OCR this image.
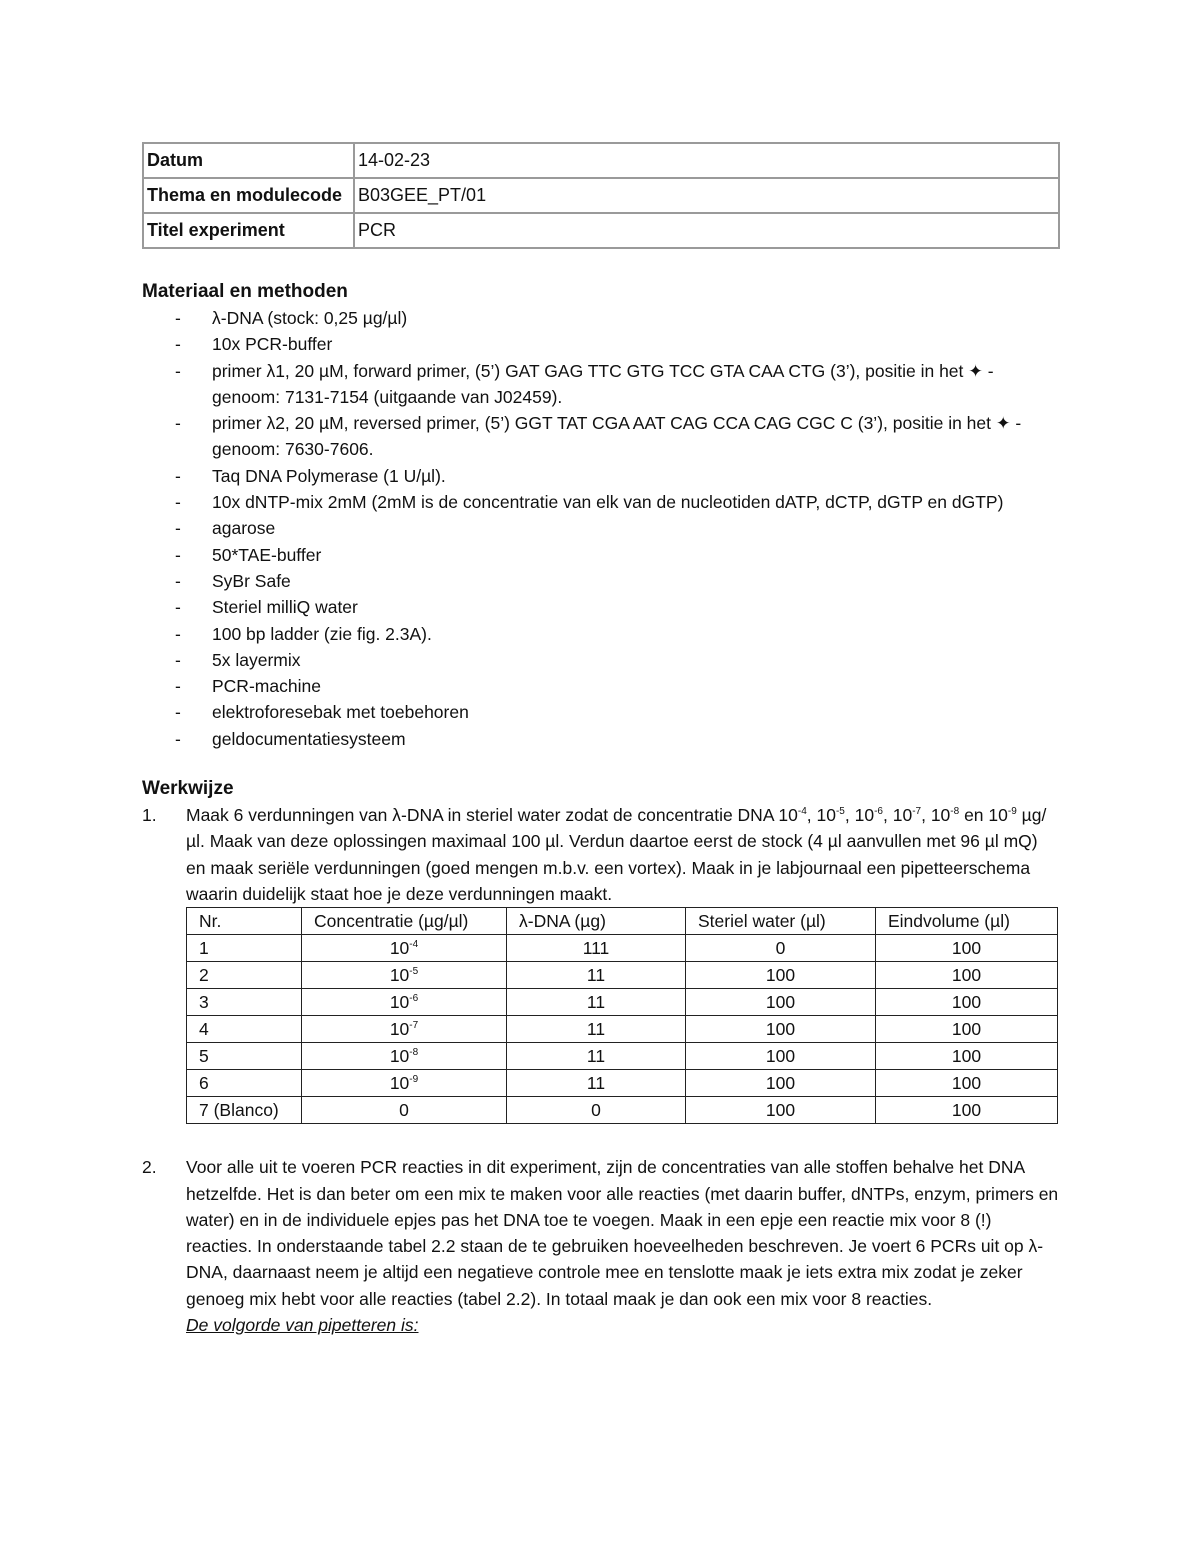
Datum	14-02-23
Thema en modulecode	B03GEE_PT/01
Titel experiment	PCR
Materiaal en methoden
- λ-DNA (stock: 0,25 µg/µl)
- 10x PCR-buffer
- primer λ1, 20 µM, forward primer, (5’) GAT GAG TTC GTG TCC GTA CAA CTG (3’), positie in het ✦ -genoom: 7131-7154 (uitgaande van J02459).
- primer λ2, 20 µM, reversed primer, (5’) GGT TAT CGA AAT CAG CCA CAG CGC C (3’), positie in het ✦ -genoom: 7630-7606.
- Taq DNA Polymerase (1 U/µl).
- 10x dNTP-mix 2mM (2mM is de concentratie van elk van de nucleotiden dATP, dCTP, dGTP en dGTP)
- agarose
- 50*TAE-buffer
- SyBr Safe
- Steriel milliQ water
- 100 bp ladder (zie fig. 2.3A).
- 5x layermix
- PCR-machine
- elektroforesebak met toebehoren
- geldocumentatiesysteem
Werkwijze
1. Maak 6 verdunningen van λ-DNA in steriel water zodat de concentratie DNA $10^{-4}$, $10^{-5}$, $10^{-6}$, $10^{-7}$, $10^{-8}$ en $10^{-9}$ µg/µl. Maak van deze oplossingen maximaal 100 µl. Verdun daartoe eerst de stock (4 µl aanvullen met 96 µl mQ) en maak seriële verdunningen (goed mengen m.b.v. een vortex). Maak in je labjournaal een pipetteerschema waarin duidelijk staat hoe je deze verdunningen maakt.
Nr.	Concentratie (µg/µl)	λ-DNA (µg)	Steriel water (µl)	Eindvolume (µl)
1	$10^{-4}$	111	0	100
2	$10^{-5}$	11	100	100
3	$10^{-6}$	11	100	100
4	$10^{-7}$	11	100	100
5	$10^{-8}$	11	100	100
6	$10^{-9}$	11	100	100
7 (Blanco)	0	0	100	100
2. Voor alle uit te voeren PCR reacties in dit experiment, zijn de concentraties van alle stoffen behalve het DNA hetzelfde. Het is dan beter om een mix te maken voor alle reacties (met daarin buffer, dNTPs, enzym, primers en water) en in de individuele epjes pas het DNA toe te voegen. Maak in een epje een reactie mix voor 8 (!) reacties. In onderstaande tabel 2.2 staan de te gebruiken hoeveelheden beschreven. Je voert 6 PCRs uit op λ-DNA, daarnaast neem je altijd een negatieve controle mee en tenslotte maak je iets extra mix zodat je zeker genoeg mix hebt voor alle reacties (tabel 2.2). In totaal maak je dan ook een mix voor 8 reacties.
De volgorde van pipetteren is:
